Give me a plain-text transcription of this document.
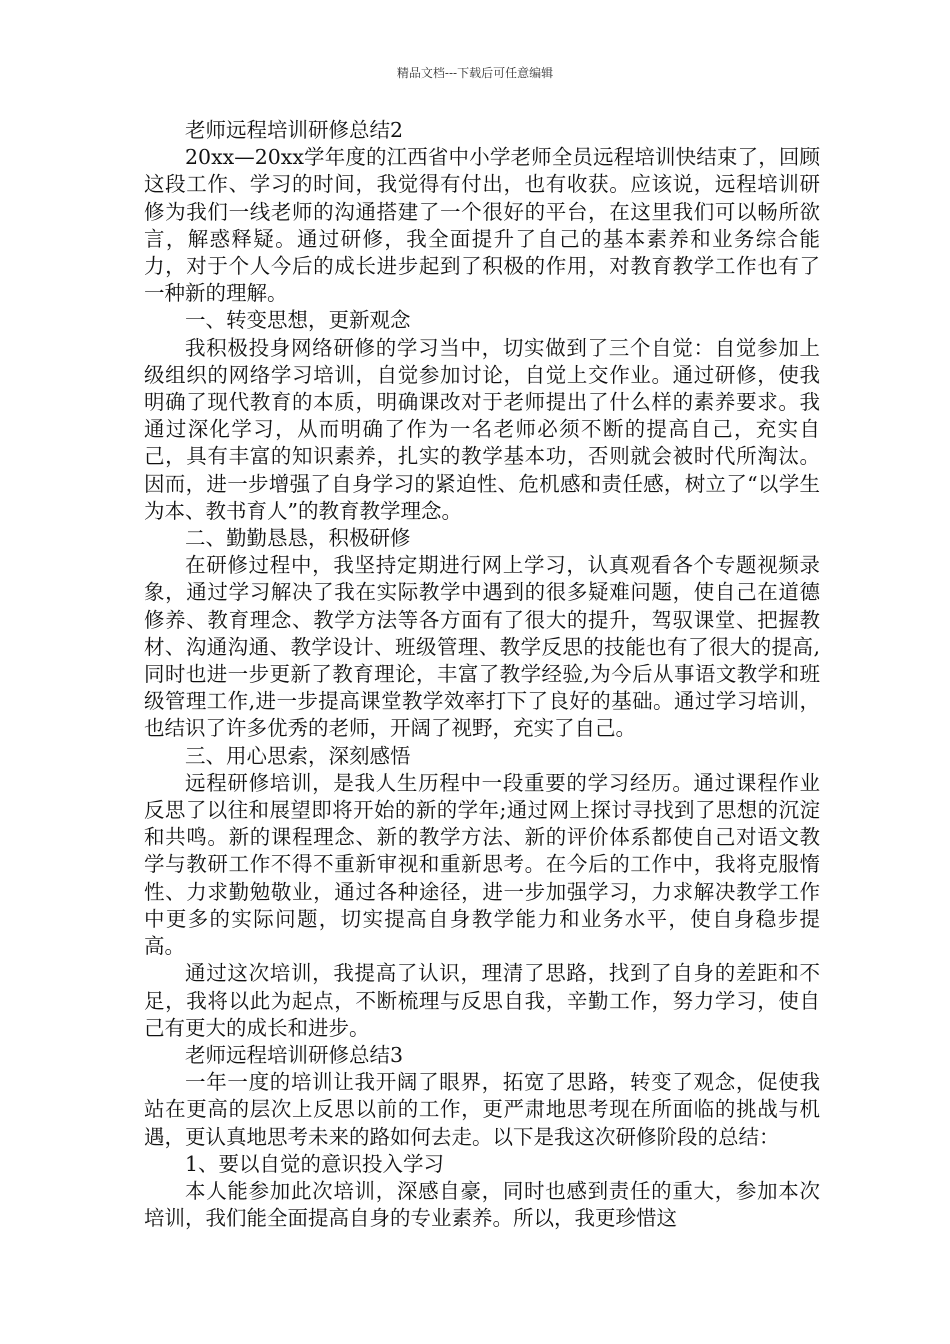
精品文档---下载后可任意编辑

老师远程培训研修总结2

20xx—20xx学年度的江西省中小学老师全员远程培训快结束了，回顾这段工作、学习的时间，我觉得有付出，也有收获。应该说，远程培训研修为我们一线老师的沟通搭建了一个很好的平台，在这里我们可以畅所欲言，解惑释疑。通过研修，我全面提升了自己的基本素养和业务综合能力，对于个人今后的成长进步起到了积极的作用，对教育教学工作也有了一种新的理解。

一、转变思想，更新观念

我积极投身网络研修的学习当中，切实做到了三个自觉：自觉参加上级组织的网络学习培训，自觉参加讨论，自觉上交作业。通过研修，使我明确了现代教育的本质，明确课改对于老师提出了什么样的素养要求。我通过深化学习，从而明确了作为一名老师必须不断的提高自己，充实自己，具有丰富的知识素养，扎实的教学基本功，否则就会被时代所淘汰。因而，进一步增强了自身学习的紧迫性、危机感和责任感，树立了“以学生为本、教书育人”的教育教学理念。

二、勤勤恳恳，积极研修

在研修过程中，我坚持定期进行网上学习，认真观看各个专题视频录象，通过学习解决了我在实际教学中遇到的很多疑难问题，使自己在道德修养、教育理念、教学方法等各方面有了很大的提升，驾驭课堂、把握教材、沟通沟通、教学设计、班级管理、教学反思的技能也有了很大的提高,同时也进一步更新了教育理论，丰富了教学经验,为今后从事语文教学和班级管理工作,进一步提高课堂教学效率打下了良好的基础。通过学习培训，也结识了许多优秀的老师，开阔了视野，充实了自己。

三、用心思索，深刻感悟

远程研修培训，是我人生历程中一段重要的学习经历。通过课程作业反思了以往和展望即将开始的新的学年;通过网上探讨寻找到了思想的沉淀和共鸣。新的课程理念、新的教学方法、新的评价体系都使自己对语文教学与教研工作不得不重新审视和重新思考。在今后的工作中，我将克服惰性、力求勤勉敬业，通过各种途径，进一步加强学习，力求解决教学工作中更多的实际问题，切实提高自身教学能力和业务水平，使自身稳步提高。

通过这次培训，我提高了认识，理清了思路，找到了自身的差距和不足，我将以此为起点，不断梳理与反思自我，辛勤工作，努力学习，使自己有更大的成长和进步。

老师远程培训研修总结3

一年一度的培训让我开阔了眼界，拓宽了思路，转变了观念，促使我站在更高的层次上反思以前的工作，更严肃地思考现在所面临的挑战与机遇，更认真地思考未来的路如何去走。以下是我这次研修阶段的总结：

1、要以自觉的意识投入学习

本人能参加此次培训，深感自豪，同时也感到责任的重大，参加本次培训，我们能全面提高自身的专业素养。所以，我更珍惜这
